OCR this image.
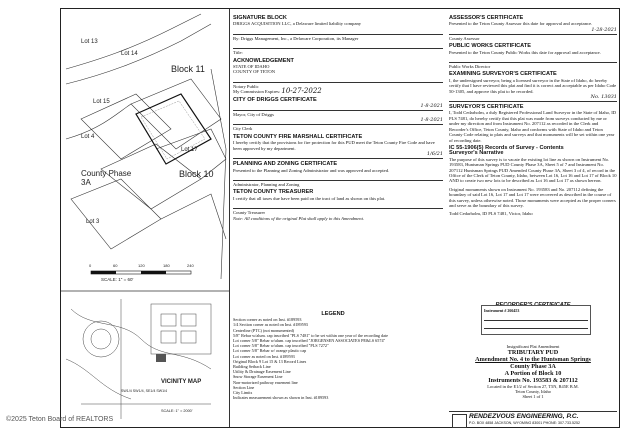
Lot 13
Lot 14
Block 11
Lot 15
Lot 4
Lot 3
County Phase 3A
Block 10
Lot 17
SCALE: 1" = 60'
0	60	120	180	240
VICINITY MAP
SW1/4 SW1/4, SE1/4 SW1/4
SCALE: 1" = 2000'
SIGNATURE BLOCK

DRIGGS ACQUISITION LLC, a Delaware limited liability company

By: Driggs Management, Inc., a Delaware Corporation, its Manager

Title:

ACKNOWLEDGEMENT

STATE OF IDAHO

COUNTY OF TETON

Notary Public

My Commission Expires: 10-27-2022

CITY OF DRIGGS CERTIFICATE
1-8-2021

Mayor, City of Driggs

1-8-2021

City Clerk

TETON COUNTY FIRE MARSHALL CERTIFICATE

I hereby certify that the provisions for fire protection for this PUD meet the Teton County Fire Code and have been approved by my department.

1/6/21
PLANNING AND ZONING CERTIFICATE

Presented to the Planning and Zoning Administrator and was approved and accepted.

Administrator, Planning and Zoning

TETON COUNTY TREASURER

I certify that all taxes due have been paid on the tract of land as shown on this plat.

County Treasurer

Note: All conditions of the original Plat shall apply to this Amendment.

LEGEND
Section corner as noted on Inst. #189593
1/4 Section corner as noted on Inst. #189593
Centerline (PTC) (not monumented)
5/8" Rebar w/alum. cap inscribed "PLS 7481" to be set within one year of the recording date
Lot corner 5/8" Rebar w/alum. cap inscribed "JORGENSEN ASSOCIATES PE&LS 6574"
Lot corner 5/8" Rebar w/alum. cap inscribed "PLS 7272"
Lot corner 5/8" Rebar w/ orange plastic cap
Lot corner as noted on Inst. #189593
Original Block 9 Lot 15 & 13 Record Lines
Building Setback Line
Utility & Drainage Easement Line
Snow Storage Easement Line
Non-motorized pathway easement line
Section Line
City Limits
Indicates measurement shown as shown in Inst. #189593
ASSESSOR'S CERTIFICATE

Presented to the Teton County Assessor this date for approval and acceptance.

1-28-2021

County Assessor

PUBLIC WORKS CERTIFICATE

Presented to the Teton County Public Works this date for approval and acceptance.

Public Works Director

EXAMINING SURVEYOR'S CERTIFICATE

I, the undersigned surveyor, being a licensed surveyor in the State of Idaho, do hereby certify that I have reviewed this plat and find it is correct and acceptable as per Idaho Code 50-1305, and approve this plat to be recorded.

No. 13031
SURVEYOR'S CERTIFICATE

I, Todd Cedarholm, a duly Registered Professional Land Surveyor in the State of Idaho, ID PLS 7481, do hereby certify that this plat was made from surveys conducted by me or under my direction and from Instrument No. 207112 as recorded in the Clerk and Recorder's Office, Teton County, Idaho and conforms with State of Idaho and Teton County Code relating to plats and surveys and that monuments will be set within one year of recording date.

IC 55-1906(5) Records of Survey - Contents
Surveyor's Narrative

The purpose of this survey is to vacate the existing lot line as shown on Instrument No. 193583, Huntsman Springs PUD County Phase 3A, Sheet 5 of 7 and Instrument No. 207112 Huntsman Springs PUD Amended County Phase 3A, Sheet 3 of 4, of record in the Office of the Clerk of Teton County, Idaho, between Lot 16, Lot 16 and Lot 17 of Block 10 AND to create two new lots to be described as Lot 16 and Lot 17 as shown hereon.

Original monuments shown on Instrument No. 193583 and No. 207112 defining the boundary of said Lot 16, Lot 17 and Lot 17 were recovered as described in the course of this survey, unless otherwise noted. Those monuments were accepted as the proper corners and serve as the boundary of this survey.

Todd Cedarholm, ID PLS 7481, Victor, Idaho

RECORDER'S CERTIFICATE
Instrument # 266453
Insignificant Plat Amendment
TRIBUTARY PUD
Amendment No. 4 to the Huntsman Springs
County Phase 3A
A Portion of Block 10
Instruments No. 193583 & 207112
Located in the E1/2 of Section 27, T5N, R45E B.M.
Teton County, Idaho
Sheet 1 of 1
RENDEZVOUS ENGINEERING, P.C.
P.O. BOX 4858 JACKSON, WYOMING 83001 PHONE: 307.733.5252
©2025 Teton Board of REALTORS
